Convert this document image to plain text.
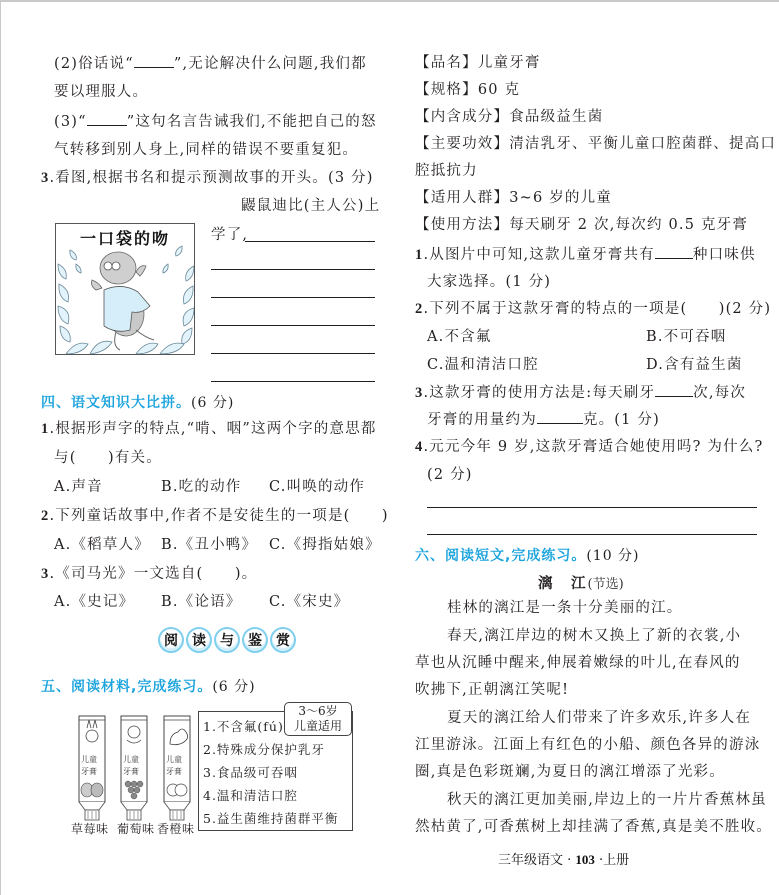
(2)俗话说“	”,无论解决什么问题,我们都
要以理服人。
(3)“	”这句名言告诫我们,不能把自己的怒
气转移到别人身上,同样的错误不要重复犯。
3.看图,根据书名和提示预测故事的开头。(3 分)
鼹鼠迪比(主人公)上
学了,
一口袋的吻
四、语文知识大比拼。(6 分)
1.根据形声字的特点,“啃、咽”这两个字的意思都
与(　　)有关。
A.声音	B.吃的动作 C.叫唤的动作
2.下列童话故事中,作者不是安徒生的一项是(　　)
A.《稻草人》 B.《丑小鸭》 C.《拇指姑娘》
3.《司马光》一文选自(　　)。
A.《史记》 B.《论语》 C.《宋史》
阅	读	与	鉴	赏
五、阅读材料,完成练习。(6 分)
儿童
牙膏
儿童
牙膏
儿童
牙膏
草莓味 葡萄味 香橙味
1.不含氟(fú)
2.特殊成分保护乳牙
3.食品级可吞咽
4.温和清洁口腔
5.益生菌维持菌群平衡
3～6岁
儿童适用
【品名】儿童牙膏
【规格】60 克
【内含成分】食品级益生菌
【主要功效】清洁乳牙、平衡儿童口腔菌群、提高口
腔抵抗力
【适用人群】3~6 岁的儿童
【使用方法】每天刷牙 2 次,每次约 0.5 克牙膏
1.从图片中可知,这款儿童牙膏共有	种口味供
大家选择。(1 分)
2.下列不属于这款牙膏的特点的一项是(　　)(2 分)
A.不含氟	B.不可吞咽
C.温和清洁口腔	D.含有益生菌
3.这款牙膏的使用方法是:每天刷牙	次,每次
牙膏的用量约为	克。(1 分)
4.元元今年 9 岁,这款牙膏适合她使用吗? 为什么?
(2 分)
六、阅读短文,完成练习。(10 分)
漓　江(节选)
桂林的漓江是一条十分美丽的江。
春天,漓江岸边的树木又换上了新的衣裳,小
草也从沉睡中醒来,伸展着嫩绿的叶儿,在春风的
吹拂下,正朝漓江笑呢!
夏天的漓江给人们带来了许多欢乐,许多人在
江里游泳。江面上有红色的小船、颜色各异的游泳
圈,真是色彩斑斓,为夏日的漓江增添了光彩。
秋天的漓江更加美丽,岸边上的一片片香蕉林虽
然枯黄了,可香蕉树上却挂满了香蕉,真是美不胜收。
三年级语文 · 103 ·上册
